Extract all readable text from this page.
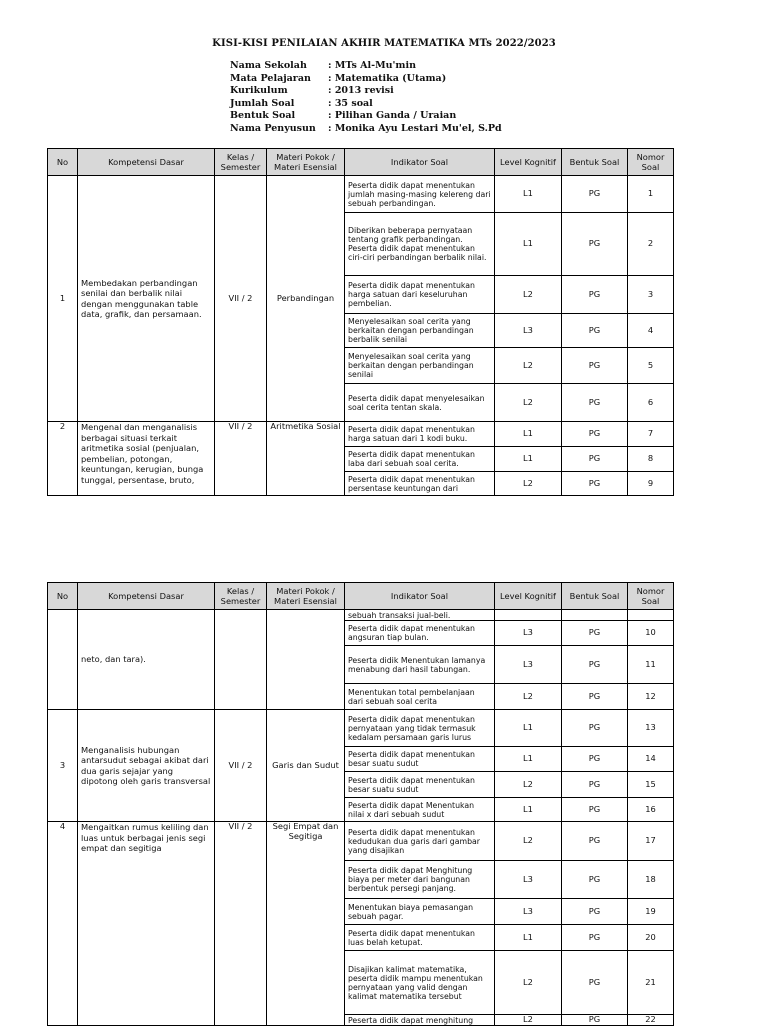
KISI-KISI PENILAIAN AKHIR MATEMATIKA MTs 2022/2023
Nama Sekolah	: MTs Al-Mu'min
Mata Pelajaran	: Matematika (Utama)
Kurikulum	: 2013 revisi
Jumlah Soal	: 35 soal
Bentuk Soal	: Pilihan Ganda / Uraian
Nama Penyusun	: Monika Ayu Lestari Mu'el, S.Pd
No	Kompetensi Dasar	Kelas / Semester	Materi Pokok / Materi Esensial	Indikator Soal	Level Kognitif	Bentuk Soal	Nomor Soal
1	Membedakan perbandingan senilai dan berbalik nilai dengan menggunakan table data, grafik, dan persamaan.	VII / 2	Perbandingan	Peserta didik dapat menentukan jumlah masing-masing kelereng dari sebuah perbandingan.	L1	PG	1
				Diberikan beberapa pernyataan tentang grafik perbandingan. Peserta didik dapat menentukan ciri-ciri perbandingan berbalik nilai.	L1	PG	2
				Peserta didik dapat menentukan harga satuan dari keseluruhan pembelian.	L2	PG	3
				Menyelesaikan soal cerita yang berkaitan dengan perbandingan berbalik senilai	L3	PG	4
				Menyelesaikan soal cerita yang berkaitan dengan perbandingan senilai	L2	PG	5
				Peserta didik dapat menyelesaikan soal cerita tentan skala.	L2	PG	6
2	Mengenal dan menganalisis berbagai situasi terkait aritmetika sosial (penjualan, pembelian, potongan, keuntungan, kerugian, bunga tunggal, persentase, bruto,	VII / 2	Aritmetika Sosial	Peserta didik dapat menentukan harga satuan dari 1 kodi buku.	L1	PG	7
				Peserta didik dapat menentukan laba dari sebuah soal cerita.	L1	PG	8
				Peserta didik dapat menentukan persentase keuntungan dari	L2	PG	9
No	Kompetensi Dasar	Kelas / Semester	Materi Pokok / Materi Esensial	Indikator Soal	Level Kognitif	Bentuk Soal	Nomor Soal
	neto, dan tara).			sebuah transaksi jual-beli.			
				Peserta didik dapat menentukan angsuran tiap bulan.	L3	PG	10
				Peserta didik Menentukan lamanya menabung dari hasil tabungan.	L3	PG	11
				Menentukan total pembelanjaan dari sebuah soal cerita	L2	PG	12
3	Menganalisis hubungan antarsudut sebagai akibat dari dua garis sejajar yang dipotong oleh garis transversal	VII / 2	Garis dan Sudut	Peserta didik dapat menentukan pernyataan yang tidak termasuk kedalam persamaan garis lurus	L1	PG	13
				Peserta didik dapat menentukan besar suatu sudut	L1	PG	14
				Peserta didik dapat menentukan besar suatu sudut	L2	PG	15
				Peserta didik dapat Menentukan nilai x dari sebuah sudut	L1	PG	16
4	Mengaitkan rumus keliling dan luas untuk berbagai jenis segi empat dan segitiga	VII / 2	Segi Empat dan Segitiga	Peserta didik dapat menentukan kedudukan dua garis dari gambar yang disajikan	L2	PG	17
				Peserta didik dapat Menghitung biaya per meter dari bangunan berbentuk persegi panjang.	L3	PG	18
				Menentukan biaya pemasangan sebuah pagar.	L3	PG	19
				Peserta didik dapat menentukan luas belah ketupat.	L1	PG	20
				Disajikan kalimat matematika, peserta didik mampu menentukan pernyataan yang valid dengan kalimat matematika tersebut	L2	PG	21
				Peserta didik dapat menghitung	L2	PG	22
